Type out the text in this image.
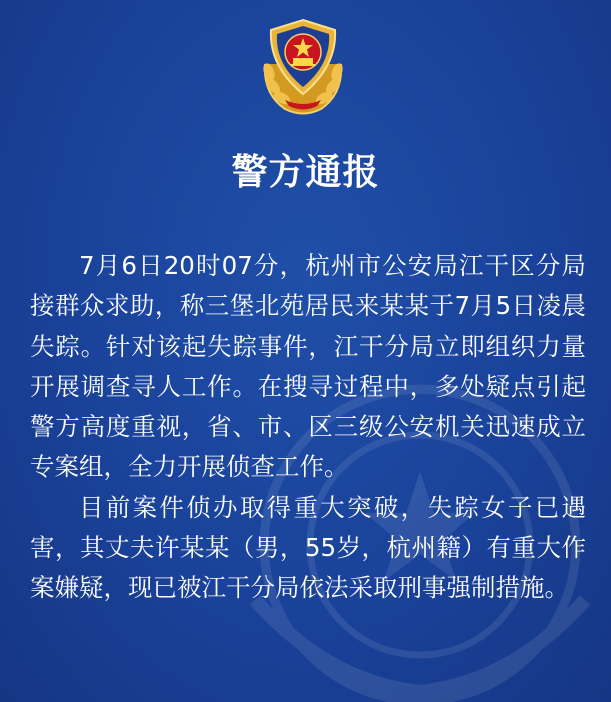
警方通报

7月6日20时07分，杭州市公安局江干区分局接群众求助，称三堡北苑居民来某某于7月5日凌晨失踪。针对该起失踪事件，江干分局立即组织力量开展调查寻人工作。在搜寻过程中，多处疑点引起警方高度重视，省、市、区三级公安机关迅速成立专案组，全力开展侦查工作。

目前案件侦办取得重大突破，失踪女子已遇害，其丈夫许某某（男，55岁，杭州籍）有重大作案嫌疑，现已被江干分局依法采取刑事强制措施。
